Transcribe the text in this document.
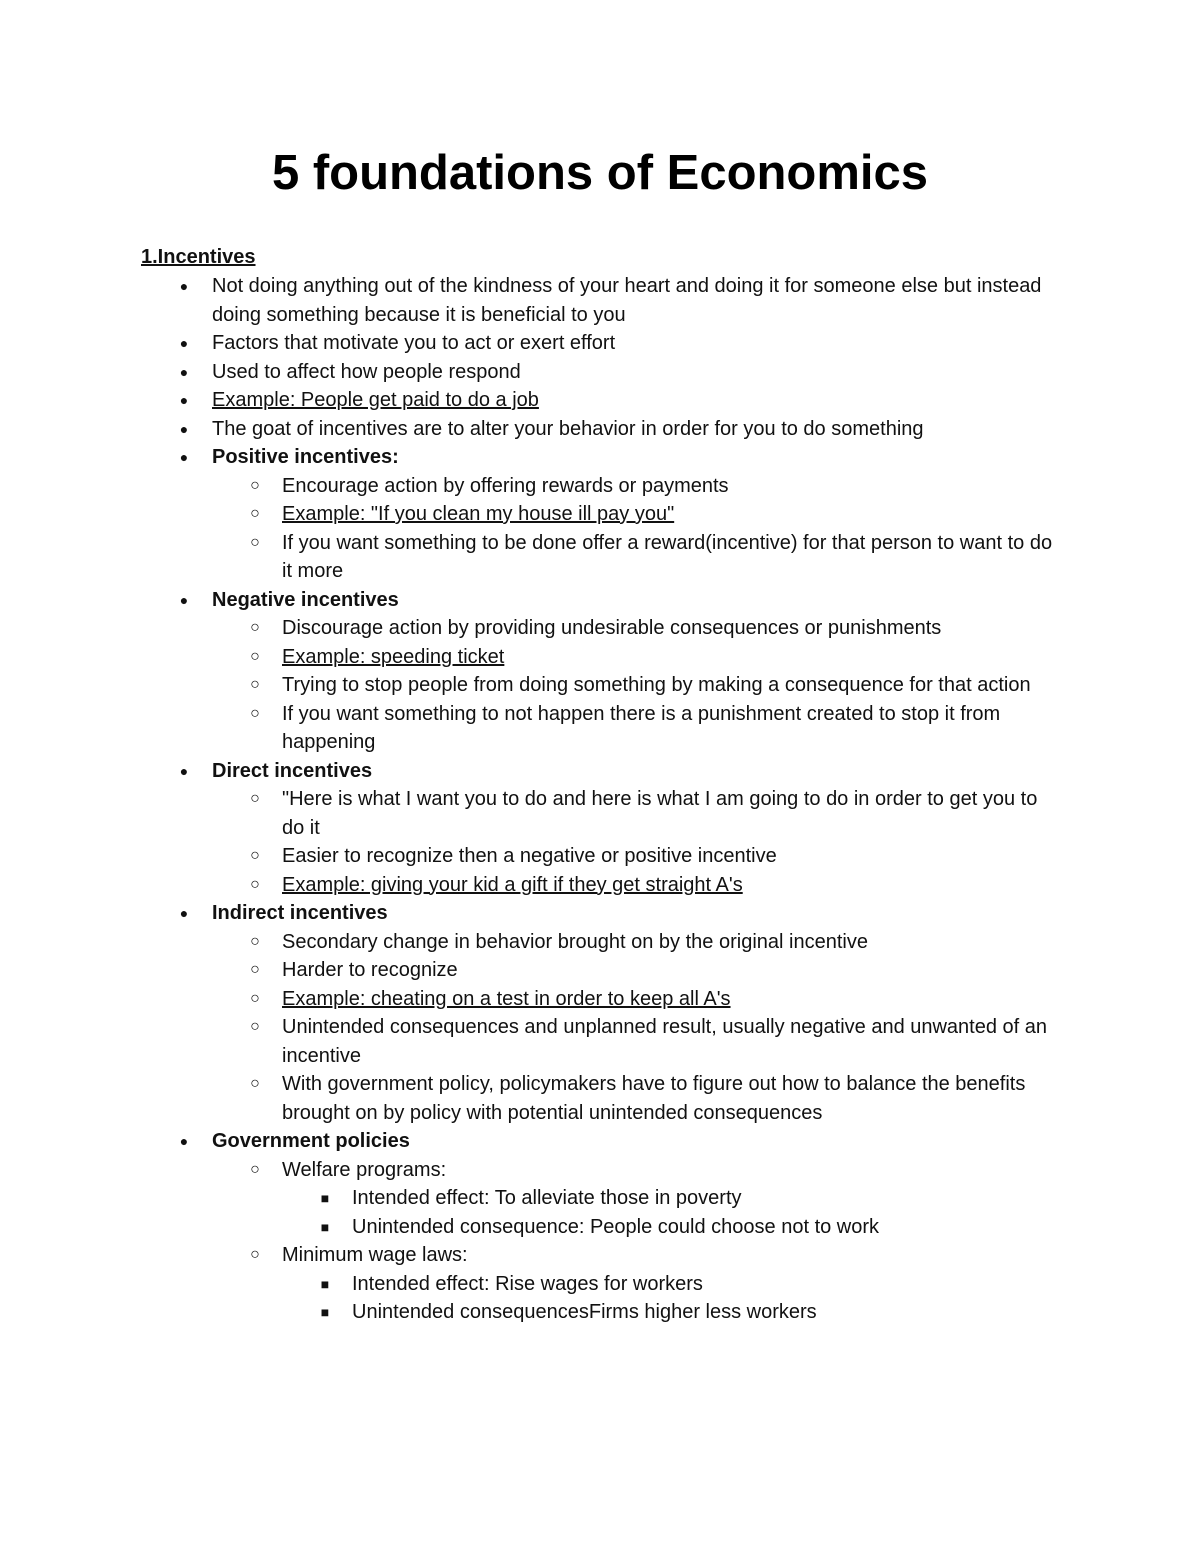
5 foundations of Economics
1.Incentives
●	Not doing anything out of the kindness of your heart and doing it for someone else but instead doing something because it is beneficial to you
●	Factors that motivate you to act or exert effort
●	Used to affect how people respond
●	Example: People get paid to do a job
●	The goat of incentives are to alter your behavior in order for you to do something
●	Positive incentives:
○	Encourage action by offering rewards or payments
○	Example: "If you clean my house ill pay you"
○	If you want something to be done offer a reward(incentive) for that person to want to do it more
●	Negative incentives
○	Discourage action by providing undesirable consequences or punishments
○	Example: speeding ticket
○	Trying to stop people from doing something by making a consequence for that action
○	If you want something to not happen there is a punishment created to stop it from happening
●	Direct incentives
○	"Here is what I want you to do and here is what I am going to do in order to get you to do it
○	Easier to recognize then a negative or positive incentive
○	Example: giving your kid a gift if they get straight A's
●	Indirect incentives
○	Secondary change in behavior brought on by the original incentive
○	Harder to recognize
○	Example: cheating on a test in order to keep all A's
○	Unintended consequences and unplanned result, usually negative and unwanted of an incentive
○	With government policy, policymakers have to figure out how to balance the benefits brought on by policy with potential unintended consequences
●	Government policies
○	Welfare programs:
■	Intended effect: To alleviate those in poverty
■	Unintended consequence: People could choose not to work
○	Minimum wage laws:
■	Intended effect: Rise wages for workers
■	Unintended consequencesFirms higher less workers
